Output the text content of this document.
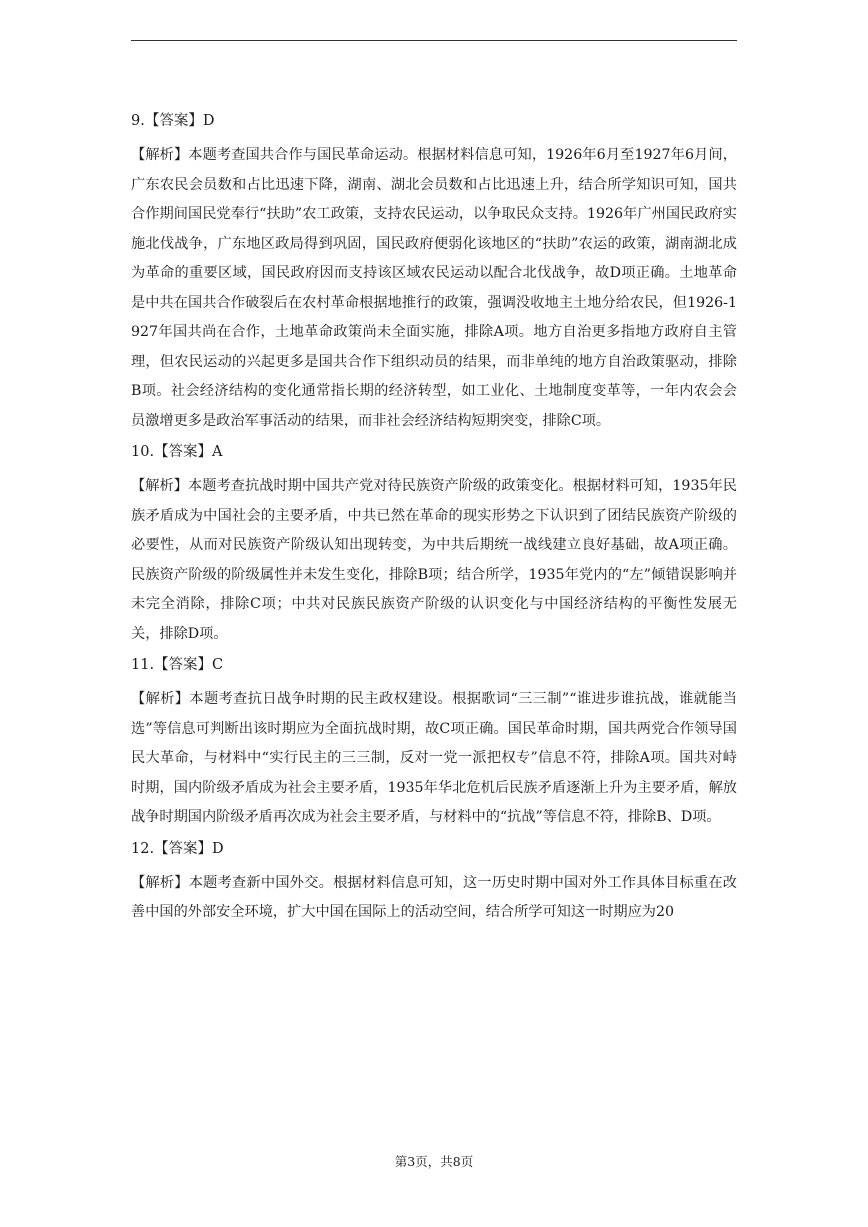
9.【答案】D
【解析】本题考查国共合作与国民革命运动。根据材料信息可知，1926年6月至1927年6月间，广东农民会员数和占比迅速下降，湖南、湖北会员数和占比迅速上升，结合所学知识可知，国共合作期间国民党奉行“扶助”农工政策，支持农民运动，以争取民众支持。1926年广州国民政府实施北伐战争，广东地区政局得到巩固，国民政府便弱化该地区的“扶助”农运的政策，湖南湖北成为革命的重要区域，国民政府因而支持该区域农民运动以配合北伐战争，故D项正确。土地革命是中共在国共合作破裂后在农村革命根据地推行的政策，强调没收地主土地分给农民，但1926-1927年国共尚在合作，土地革命政策尚未全面实施，排除A项。地方自治更多指地方政府自主管理，但农民运动的兴起更多是国共合作下组织动员的结果，而非单纯的地方自治政策驱动，排除B项。社会经济结构的变化通常指长期的经济转型，如工业化、土地制度变革等，一年内农会会员激增更多是政治军事活动的结果，而非社会经济结构短期突变，排除C项。
10.【答案】A
【解析】本题考查抗战时期中国共产党对待民族资产阶级的政策变化。根据材料可知，1935年民族矛盾成为中国社会的主要矛盾，中共已然在革命的现实形势之下认识到了团结民族资产阶级的必要性，从而对民族资产阶级认知出现转变，为中共后期统一战线建立良好基础，故A项正确。民族资产阶级的阶级属性并未发生变化，排除B项；结合所学，1935年党内的“左”倾错误影响并未完全消除，排除C项；中共对民族民族资产阶级的认识变化与中国经济结构的平衡性发展无关，排除D项。
11.【答案】C
【解析】本题考查抗日战争时期的民主政权建设。根据歌词“三三制”“谁进步谁抗战，谁就能当选”等信息可判断出该时期应为全面抗战时期，故C项正确。国民革命时期，国共两党合作领导国民大革命，与材料中“实行民主的三三制，反对一党一派把权专”信息不符，排除A项。国共对峙时期，国内阶级矛盾成为社会主要矛盾，1935年华北危机后民族矛盾逐渐上升为主要矛盾，解放战争时期国内阶级矛盾再次成为社会主要矛盾，与材料中的“抗战”等信息不符，排除B、D项。
12.【答案】D
【解析】本题考查新中国外交。根据材料信息可知，这一历史时期中国对外工作具体目标重在改善中国的外部安全环境，扩大中国在国际上的活动空间，结合所学可知这一时期应为20
第3页，共8页
